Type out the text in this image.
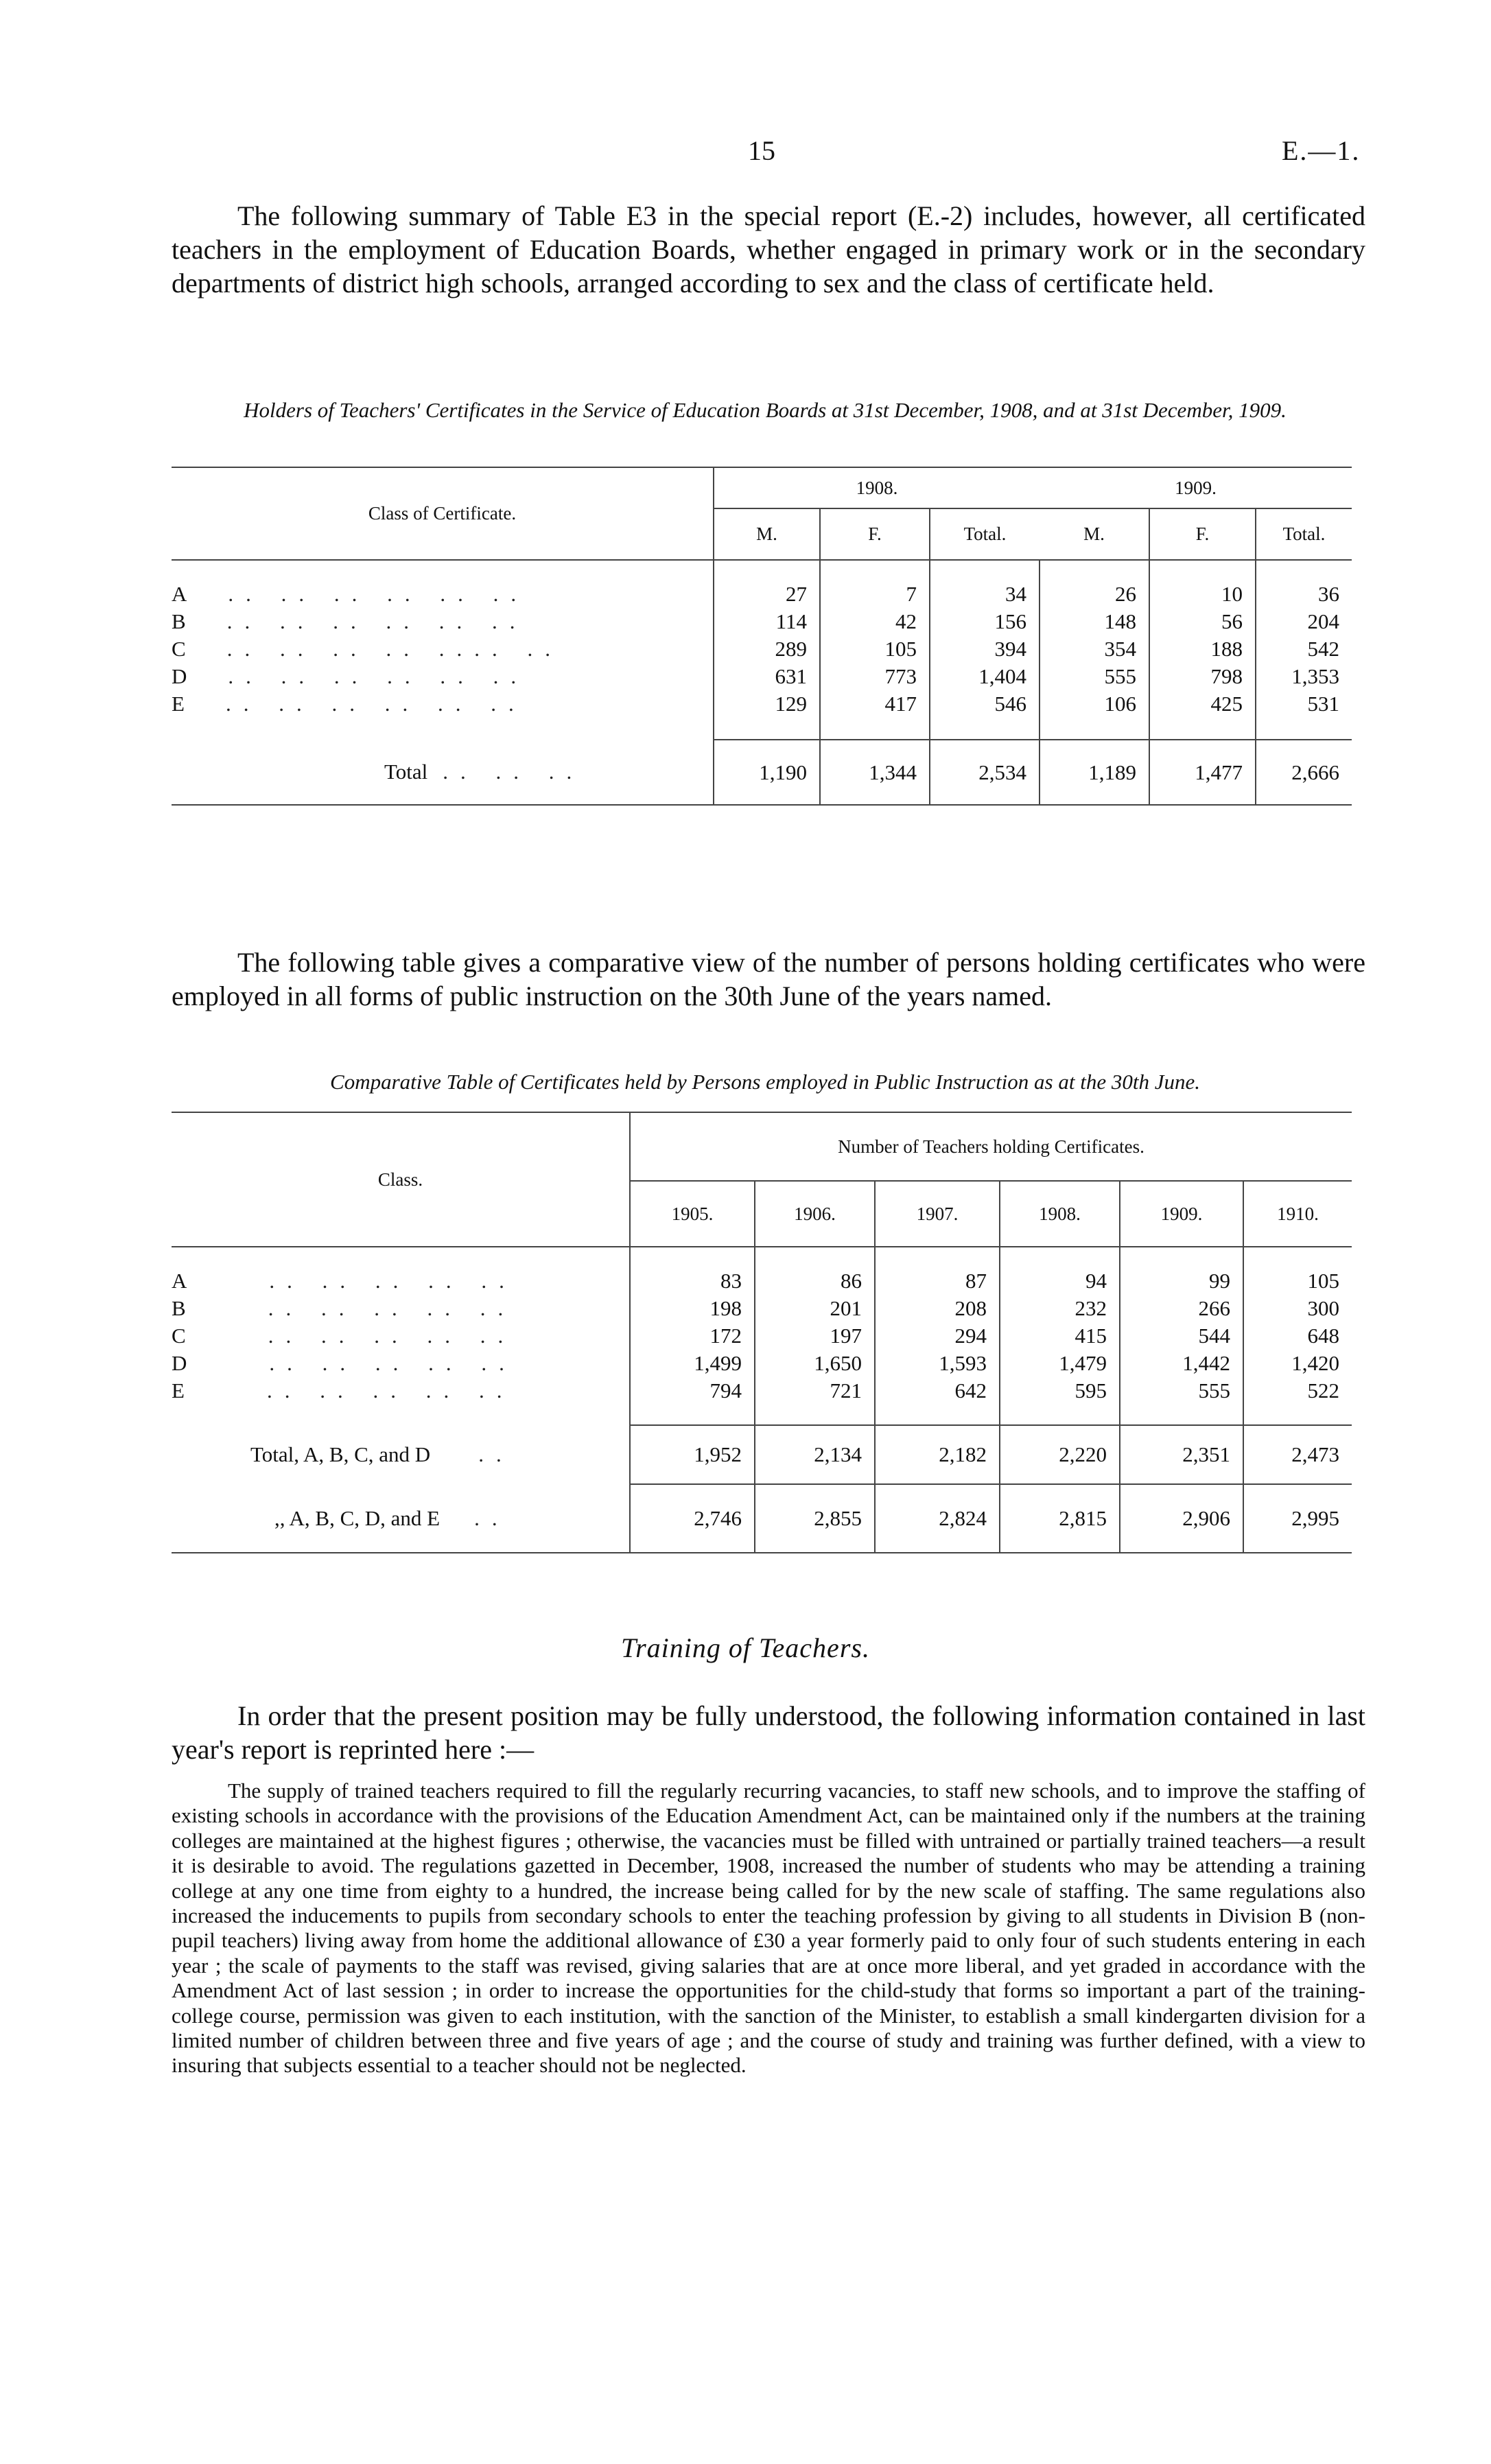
15	E.—1.
The following summary of Table E3 in the special report (E.-2) includes, however, all certificated teachers in the employment of Education Boards, whether engaged in primary work or in the secondary departments of district high schools, arranged according to sex and the class of certificate held.
Holders of Teachers' Certificates in the Service of Education Boards at 31st December, 1908, and at 31st December, 1909.
Class of Certificate.	1908.			1909.		
	M.	F.	Total.	M.	F.	Total.

A .. .. .. .. .. ..	27	7	34	26	10	36
B .. .. .. .. .. ..	114	42	156	148	56	204
C .. .. .. .. .... ..	289	105	394	354	188	542
D .. .. .. .. .. ..	631	773	1,404	555	798	1,353
E .. .. .. .. .. ..	129	417	546	106	425	531

Total .. .. ..	1,190	1,344	2,534	1,189	1,477	2,666
The following table gives a comparative view of the number of persons holding certificates who were employed in all forms of public instruction on the 30th June of the years named.
Comparative Table of Certificates held by Persons employed in Public Instruction as at the 30th June.
Class.	Number of Teachers holding Certificates.					
	1905.	1906.	1907.	1908.	1909.	1910.

A .. .. .. .. ..	83	86	87	94	99	105
B .. .. .. .. ..	198	201	208	232	266	300
C .. .. .. .. ..	172	197	294	415	544	648
D .. .. .. .. ..	1,499	1,650	1,593	1,479	1,442	1,420
E .. .. .. .. ..	794	721	642	595	555	522

Total, A, B, C, and D ..	1,952	2,134	2,182	2,220	2,351	2,473
,, A, B, C, D, and E ..	2,746	2,855	2,824	2,815	2,906	2,995
Training of Teachers.
In order that the present position may be fully understood, the following information contained in last year's report is reprinted here :—
The supply of trained teachers required to fill the regularly recurring vacancies, to staff new schools, and to improve the staffing of existing schools in accordance with the provisions of the Education Amendment Act, can be maintained only if the numbers at the training colleges are maintained at the highest figures ; otherwise, the vacancies must be filled with untrained or partially trained teachers—a result it is desirable to avoid. The regulations gazetted in December, 1908, increased the number of students who may be attending a training college at any one time from eighty to a hundred, the increase being called for by the new scale of staffing. The same regulations also increased the inducements to pupils from secondary schools to enter the teaching profession by giving to all students in Division B (non-pupil teachers) living away from home the additional allowance of £30 a year formerly paid to only four of such students entering in each year ; the scale of payments to the staff was revised, giving salaries that are at once more liberal, and yet graded in accordance with the Amendment Act of last session ; in order to increase the opportunities for the child-study that forms so important a part of the training-college course, permission was given to each institution, with the sanction of the Minister, to establish a small kindergarten division for a limited number of children between three and five years of age ; and the course of study and training was further defined, with a view to insuring that subjects essential to a teacher should not be neglected.
